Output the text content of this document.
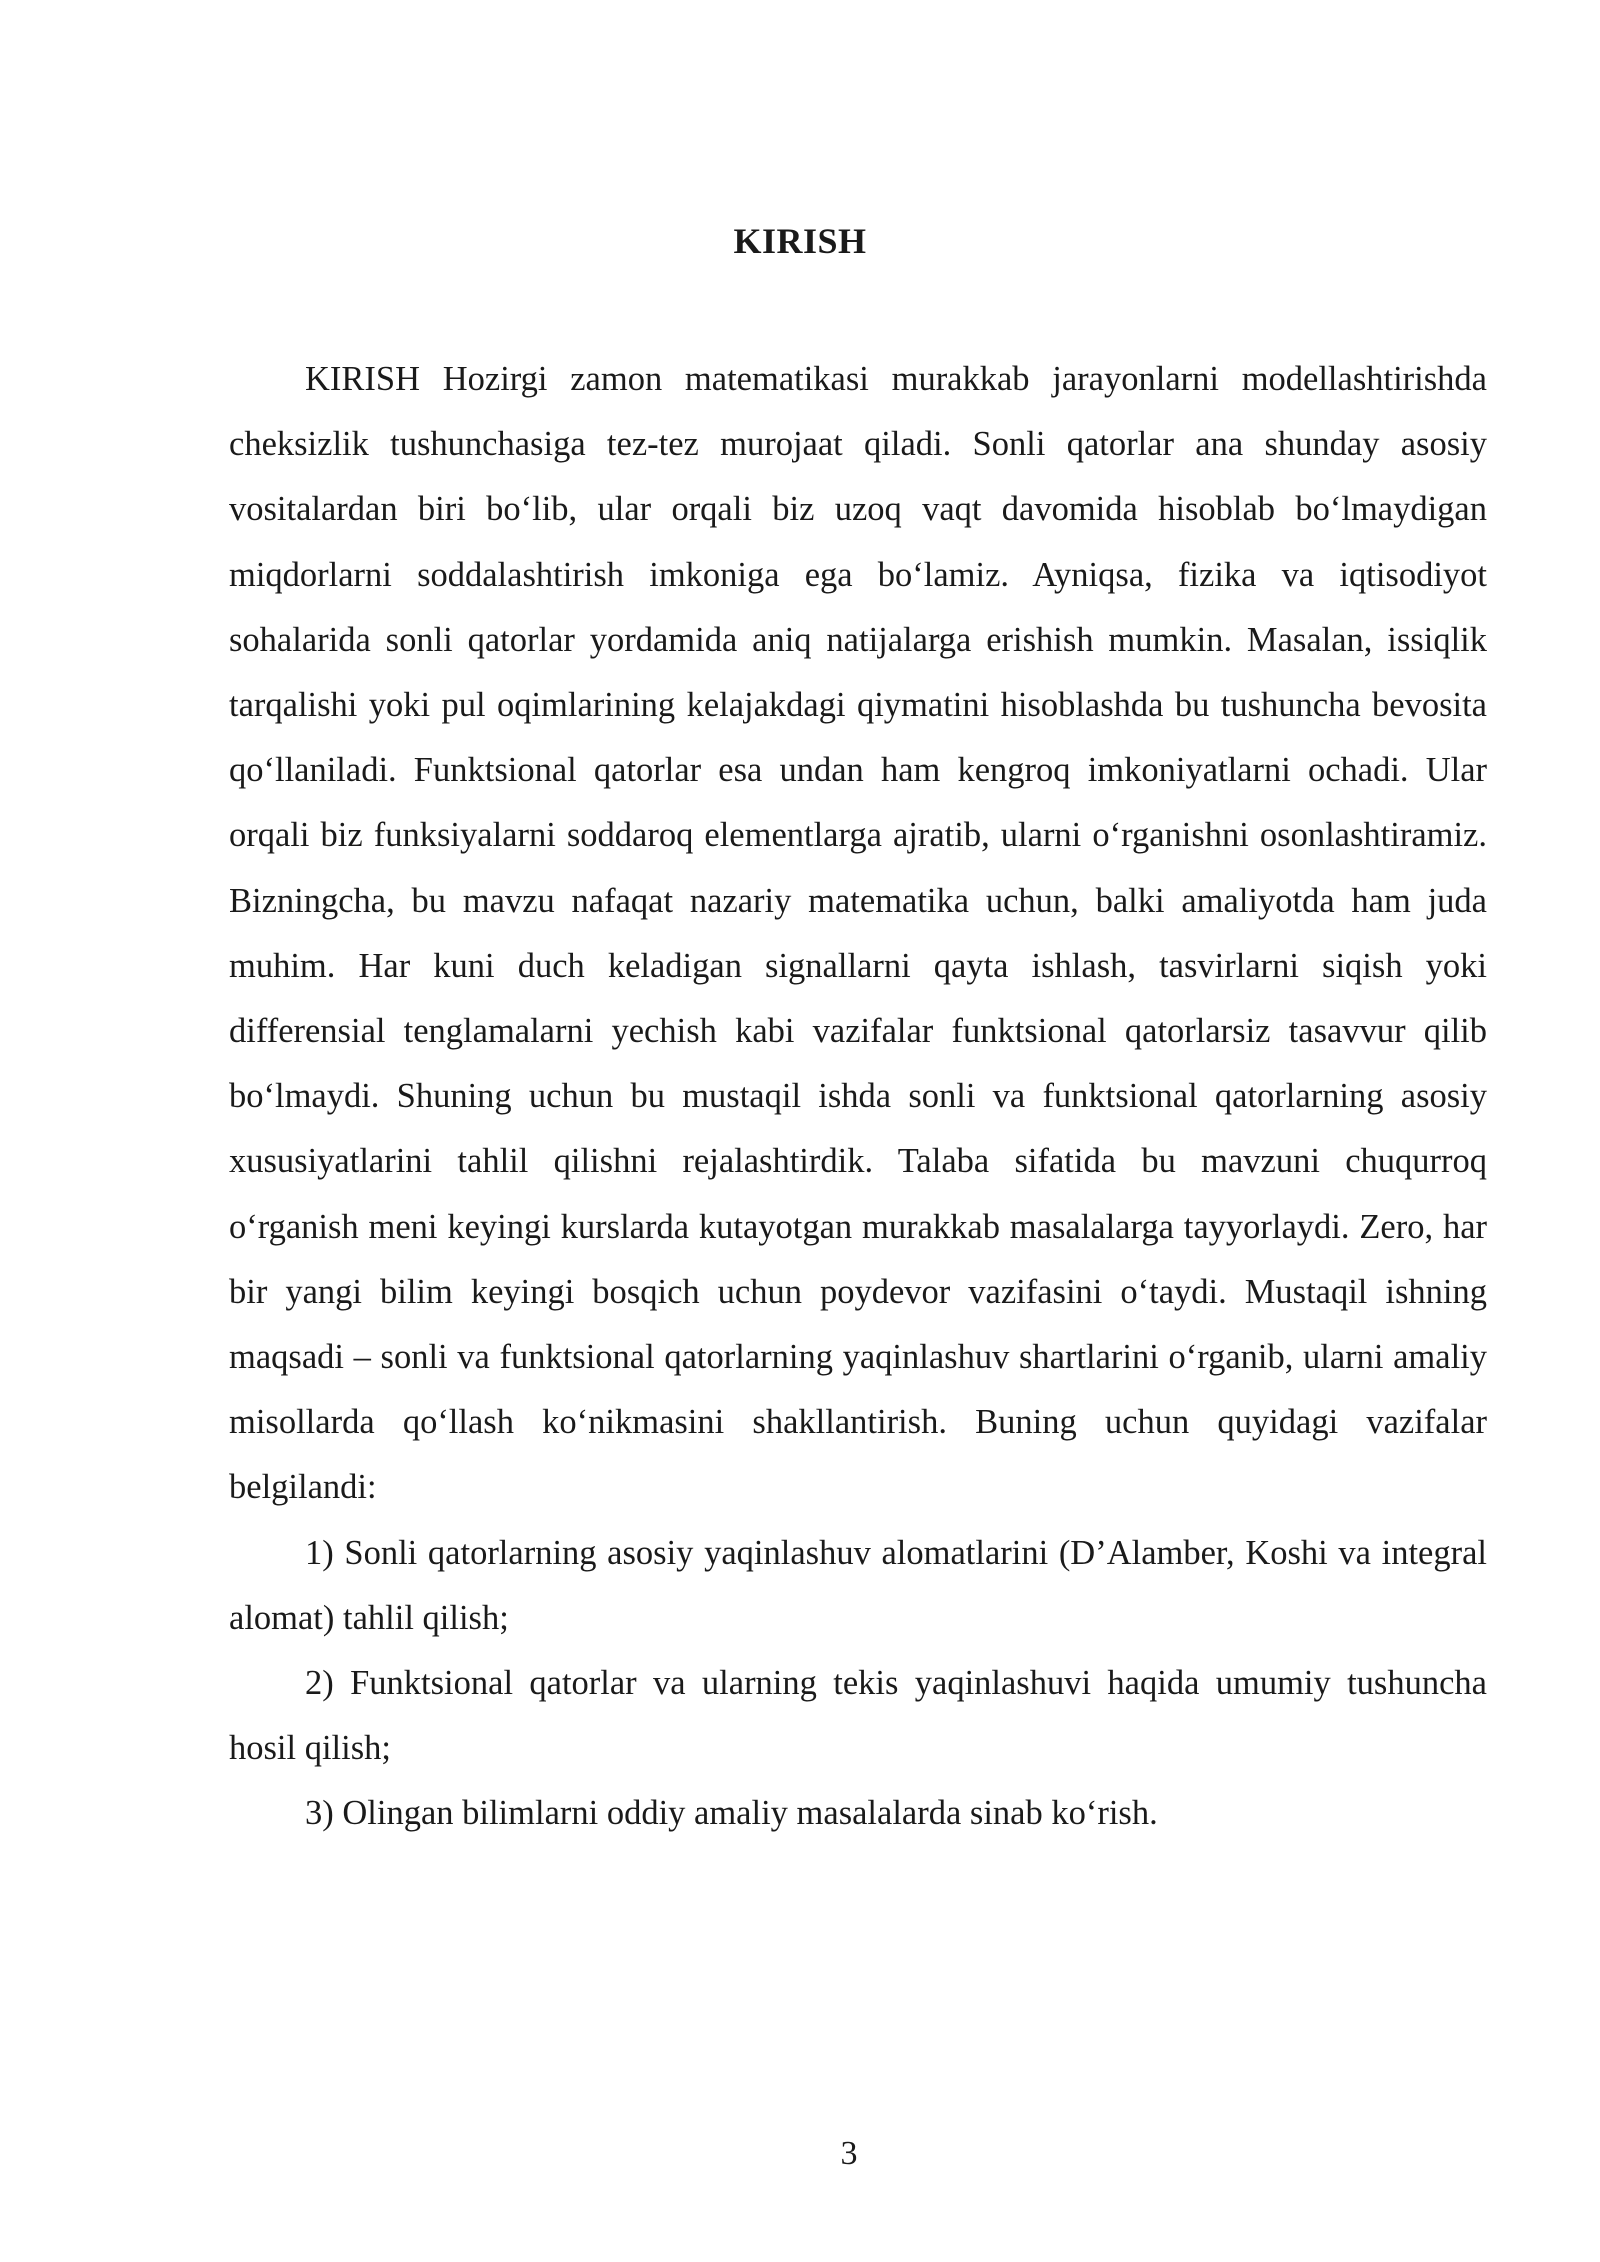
KIRISH

KIRISH Hozirgi zamon matematikasi murakkab jarayonlarni modellashtirishda cheksizlik tushunchasiga tez-tez murojaat qiladi. Sonli qatorlar ana shunday asosiy vositalardan biri bo‘lib, ular orqali biz uzoq vaqt davomida hisoblab bo‘lmaydigan miqdorlarni soddalashtirish imkoniga ega bo‘lamiz. Ayniqsa, fizika va iqtisodiyot sohalarida sonli qatorlar yordamida aniq natijalarga erishish mumkin. Masalan, issiqlik tarqalishi yoki pul oqimlarining kelajakdagi qiymatini hisoblashda bu tushuncha bevosita qo‘llaniladi. Funktsional qatorlar esa undan ham kengroq imkoniyatlarni ochadi. Ular orqali biz funksiyalarni soddaroq elementlarga ajratib, ularni o‘rganishni osonlashtiramiz. Bizningcha, bu mavzu nafaqat nazariy matematika uchun, balki amaliyotda ham juda muhim. Har kuni duch keladigan signallarni qayta ishlash, tasvirlarni siqish yoki differensial tenglamalarni yechish kabi vazifalar funktsional qatorlarsiz tasavvur qilib bo‘lmaydi. Shuning uchun bu mustaqil ishda sonli va funktsional qatorlarning asosiy xususiyatlarini tahlil qilishni rejalashtirdik. Talaba sifatida bu mavzuni chuqurroq o‘rganish meni keyingi kurslarda kutayotgan murakkab masalalarga tayyorlaydi. Zero, har bir yangi bilim keyingi bosqich uchun poydevor vazifasini o‘taydi. Mustaqil ishning maqsadi – sonli va funktsional qatorlarning yaqinlashuv shartlarini o‘rganib, ularni amaliy misollarda qo‘llash ko‘nikmasini shakllantirish. Buning uchun quyidagi vazifalar belgilandi:

1) Sonli qatorlarning asosiy yaqinlashuv alomatlarini (D’Alamber, Koshi va integral alomat) tahlil qilish;

2) Funktsional qatorlar va ularning tekis yaqinlashuvi haqida umumiy tushuncha hosil qilish;

3) Olingan bilimlarni oddiy amaliy masalalarda sinab ko‘rish.

3
